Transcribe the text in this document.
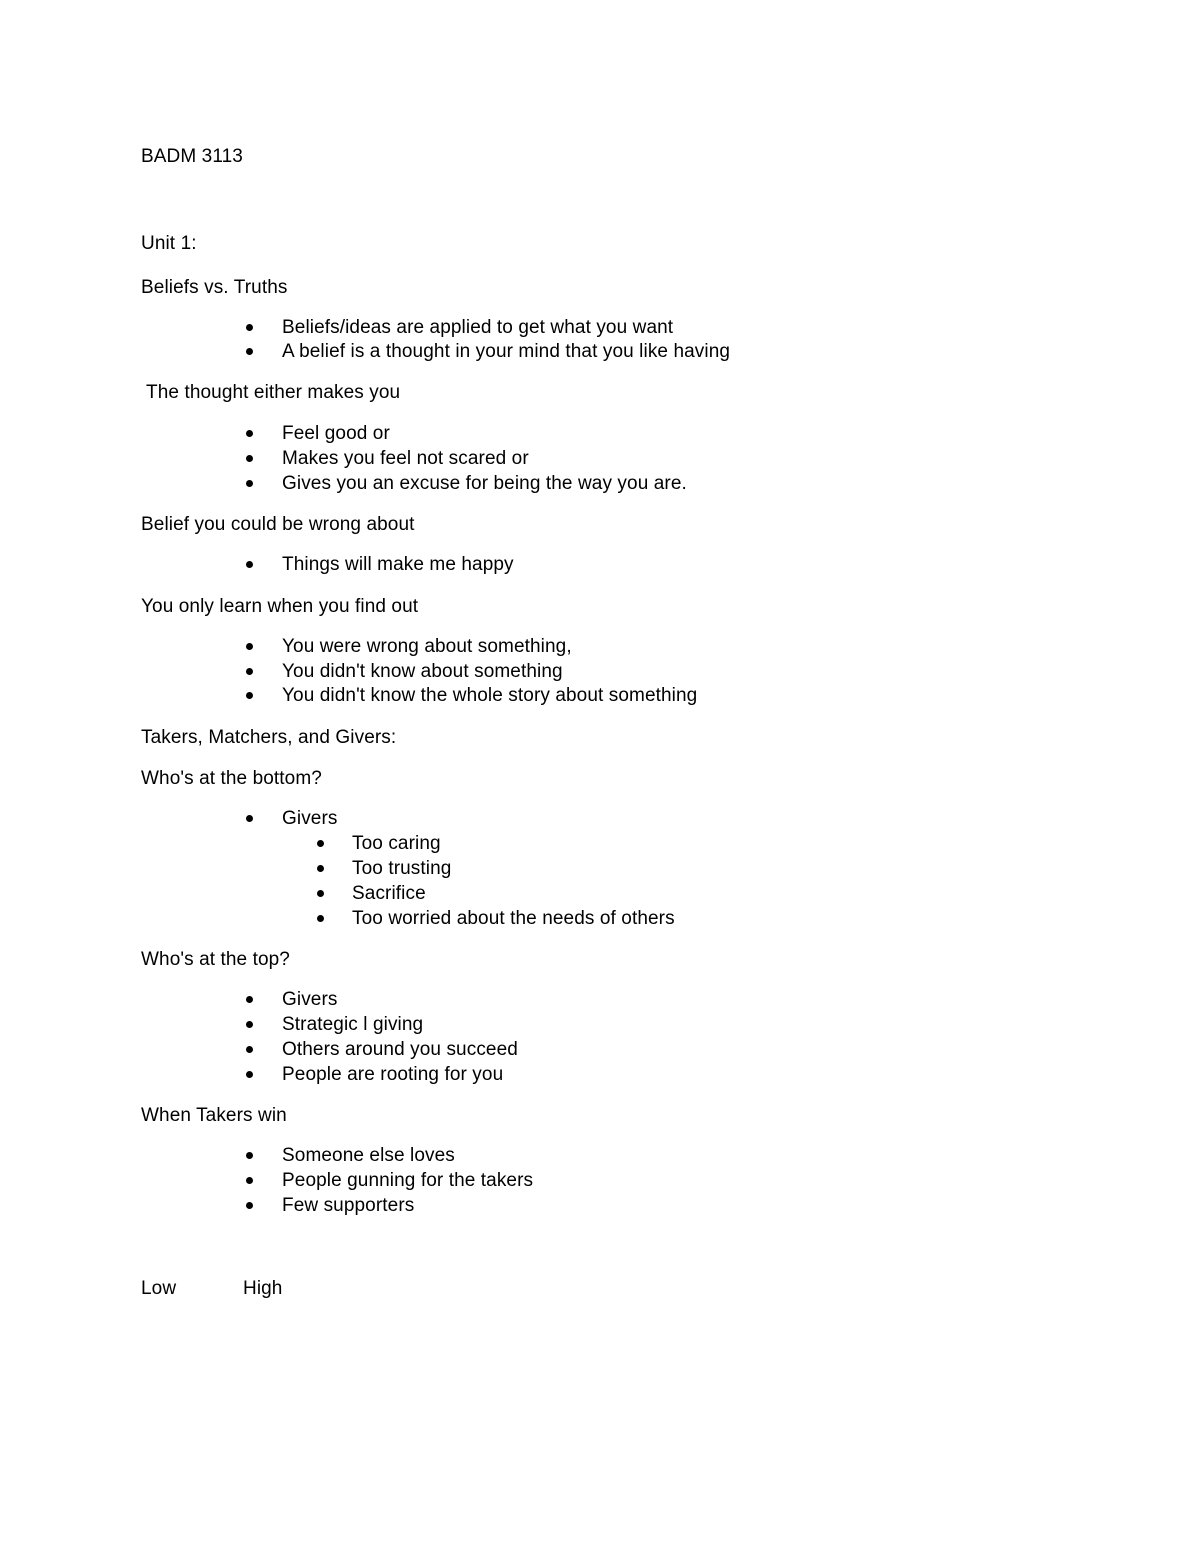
BADM 3113
Unit 1:
Beliefs vs. Truths
Beliefs/ideas are applied to get what you want
A belief is a thought in your mind that you like having
The thought either makes you
Feel good or
Makes you feel not scared or
Gives you an excuse for being the way you are.
Belief you could be wrong about
Things will make me happy
You only learn when you find out
You were wrong about something,
You didn't know about something
You didn't know the whole story about something
Takers, Matchers, and Givers:
Who's at the bottom?
Givers
Too caring
Too trusting
Sacrifice
Too worried about the needs of others
Who's at the top?
Givers
Strategic l giving
Others around you succeed
People are rooting for you
When Takers win
Someone else loves
People gunning for the takers
Few supporters
Low	High
